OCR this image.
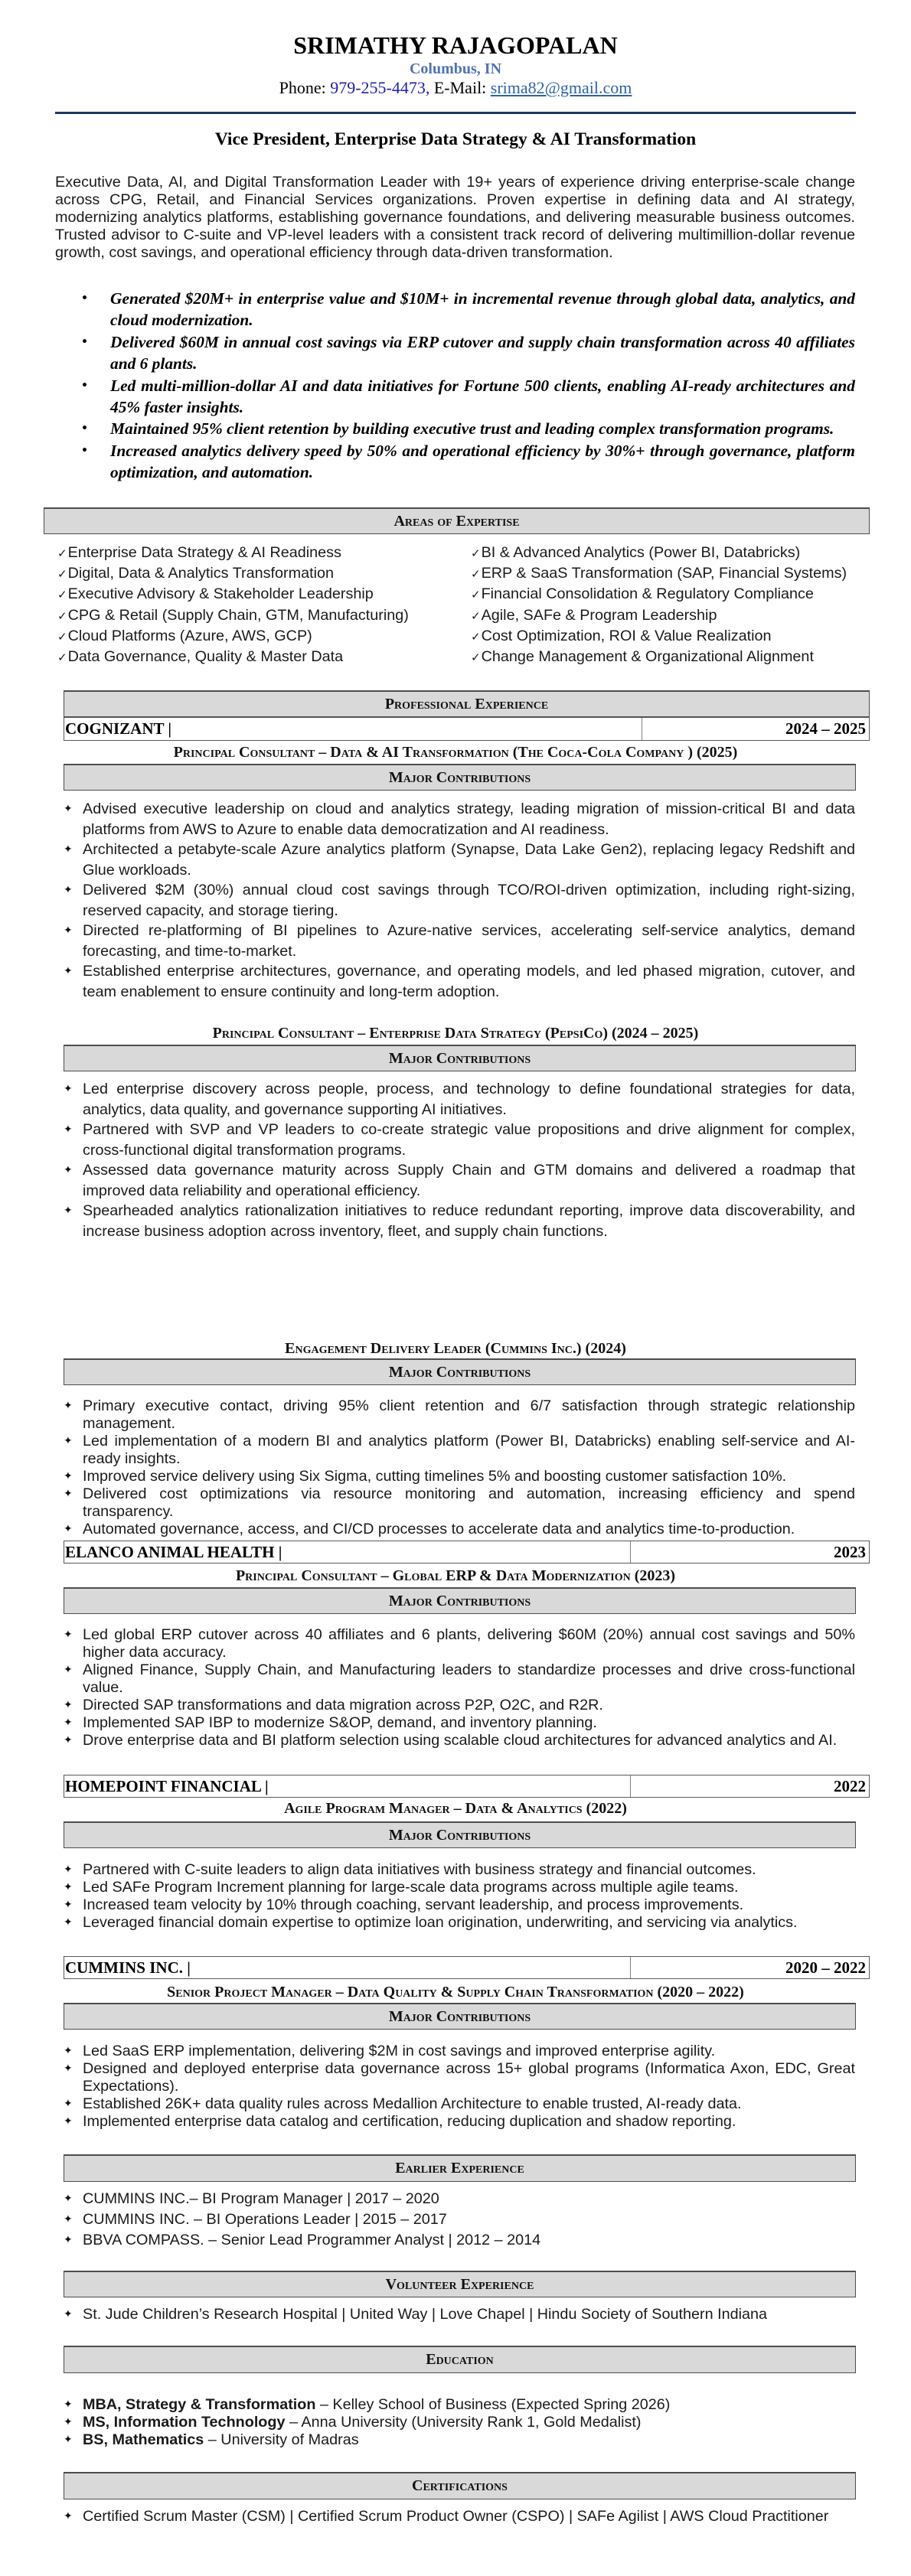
SRIMATHY RAJAGOPALAN
Columbus, IN
Phone: 979-255-4473, E-Mail: srima82@gmail.com
Vice President, Enterprise Data Strategy & AI Transformation
Executive Data, AI, and Digital Transformation Leader with 19+ years of experience driving enterprise-scale change across CPG, Retail, and Financial Services organizations. Proven expertise in defining data and AI strategy, modernizing analytics platforms, establishing governance foundations, and delivering measurable business outcomes. Trusted advisor to C-suite and VP-level leaders with a consistent track record of delivering multimillion-dollar revenue growth, cost savings, and operational efficiency through data-driven transformation.
• Generated $20M+ in enterprise value and $10M+ in incremental revenue through global data, analytics, and cloud modernization.
• Delivered $60M in annual cost savings via ERP cutover and supply chain transformation across 40 affiliates and 6 plants.
• Led multi-million-dollar AI and data initiatives for Fortune 500 clients, enabling AI-ready architectures and 45% faster insights.
• Maintained 95% client retention by building executive trust and leading complex transformation programs.
• Increased analytics delivery speed by 50% and operational efficiency by 30%+ through governance, platform optimization, and automation.
Areas of Expertise
✓Enterprise Data Strategy & AI Readiness
✓Digital, Data & Analytics Transformation
✓Executive Advisory & Stakeholder Leadership
✓CPG & Retail (Supply Chain, GTM, Manufacturing)
✓Cloud Platforms (Azure, AWS, GCP)
✓Data Governance, Quality & Master Data
✓BI & Advanced Analytics (Power BI, Databricks)
✓ERP & SaaS Transformation (SAP, Financial Systems)
✓Financial Consolidation & Regulatory Compliance
✓Agile, SAFe & Program Leadership
✓Cost Optimization, ROI & Value Realization
✓Change Management & Organizational Alignment
Professional Experience
COGNIZANT |	2024 – 2025
Principal Consultant – Data & AI Transformation (The Coca-Cola Company ) (2025)
Major Contributions
✦ Advised executive leadership on cloud and analytics strategy, leading migration of mission-critical BI and data platforms from AWS to Azure to enable data democratization and AI readiness.
✦ Architected a petabyte-scale Azure analytics platform (Synapse, Data Lake Gen2), replacing legacy Redshift and Glue workloads.
✦ Delivered $2M (30%) annual cloud cost savings through TCO/ROI-driven optimization, including right-sizing, reserved capacity, and storage tiering.
✦ Directed re-platforming of BI pipelines to Azure-native services, accelerating self-service analytics, demand forecasting, and time-to-market.
✦ Established enterprise architectures, governance, and operating models, and led phased migration, cutover, and team enablement to ensure continuity and long-term adoption.
Principal Consultant – Enterprise Data Strategy (PepsiCo) (2024 – 2025)
Major Contributions
✦ Led enterprise discovery across people, process, and technology to define foundational strategies for data, analytics, data quality, and governance supporting AI initiatives.
✦ Partnered with SVP and VP leaders to co-create strategic value propositions and drive alignment for complex, cross-functional digital transformation programs.
✦ Assessed data governance maturity across Supply Chain and GTM domains and delivered a roadmap that improved data reliability and operational efficiency.
✦ Spearheaded analytics rationalization initiatives to reduce redundant reporting, improve data discoverability, and increase business adoption across inventory, fleet, and supply chain functions.
Engagement Delivery Leader (Cummins Inc.) (2024)
Major Contributions
✦ Primary executive contact, driving 95% client retention and 6/7 satisfaction through strategic relationship management.
✦ Led implementation of a modern BI and analytics platform (Power BI, Databricks) enabling self-service and AI-ready insights.
✦ Improved service delivery using Six Sigma, cutting timelines 5% and boosting customer satisfaction 10%.
✦ Delivered cost optimizations via resource monitoring and automation, increasing efficiency and spend transparency.
✦ Automated governance, access, and CI/CD processes to accelerate data and analytics time-to-production.
ELANCO ANIMAL HEALTH |	2023
Principal Consultant – Global ERP & Data Modernization (2023)
Major Contributions
✦ Led global ERP cutover across 40 affiliates and 6 plants, delivering $60M (20%) annual cost savings and 50% higher data accuracy.
✦ Aligned Finance, Supply Chain, and Manufacturing leaders to standardize processes and drive cross-functional value.
✦ Directed SAP transformations and data migration across P2P, O2C, and R2R.
✦ Implemented SAP IBP to modernize S&OP, demand, and inventory planning.
✦ Drove enterprise data and BI platform selection using scalable cloud architectures for advanced analytics and AI.
HOMEPOINT FINANCIAL |	2022
Agile Program Manager – Data & Analytics (2022)
Major Contributions
✦ Partnered with C-suite leaders to align data initiatives with business strategy and financial outcomes.
✦ Led SAFe Program Increment planning for large-scale data programs across multiple agile teams.
✦ Increased team velocity by 10% through coaching, servant leadership, and process improvements.
✦ Leveraged financial domain expertise to optimize loan origination, underwriting, and servicing via analytics.
CUMMINS INC. |	2020 – 2022
Senior Project Manager – Data Quality & Supply Chain Transformation (2020 – 2022)
Major Contributions
✦ Led SaaS ERP implementation, delivering $2M in cost savings and improved enterprise agility.
✦ Designed and deployed enterprise data governance across 15+ global programs (Informatica Axon, EDC, Great Expectations).
✦ Established 26K+ data quality rules across Medallion Architecture to enable trusted, AI-ready data.
✦ Implemented enterprise data catalog and certification, reducing duplication and shadow reporting.
Earlier Experience
✦ CUMMINS INC.– BI Program Manager | 2017 – 2020
✦ CUMMINS INC. – BI Operations Leader | 2015 – 2017
✦ BBVA COMPASS. – Senior Lead Programmer Analyst | 2012 – 2014
Volunteer Experience
✦ St. Jude Children’s Research Hospital | United Way | Love Chapel | Hindu Society of Southern Indiana
Education
✦ MBA, Strategy & Transformation – Kelley School of Business (Expected Spring 2026)
✦ MS, Information Technology – Anna University (University Rank 1, Gold Medalist)
✦ BS, Mathematics – University of Madras
Certifications
✦ Certified Scrum Master (CSM) | Certified Scrum Product Owner (CSPO) | SAFe Agilist | AWS Cloud Practitioner
